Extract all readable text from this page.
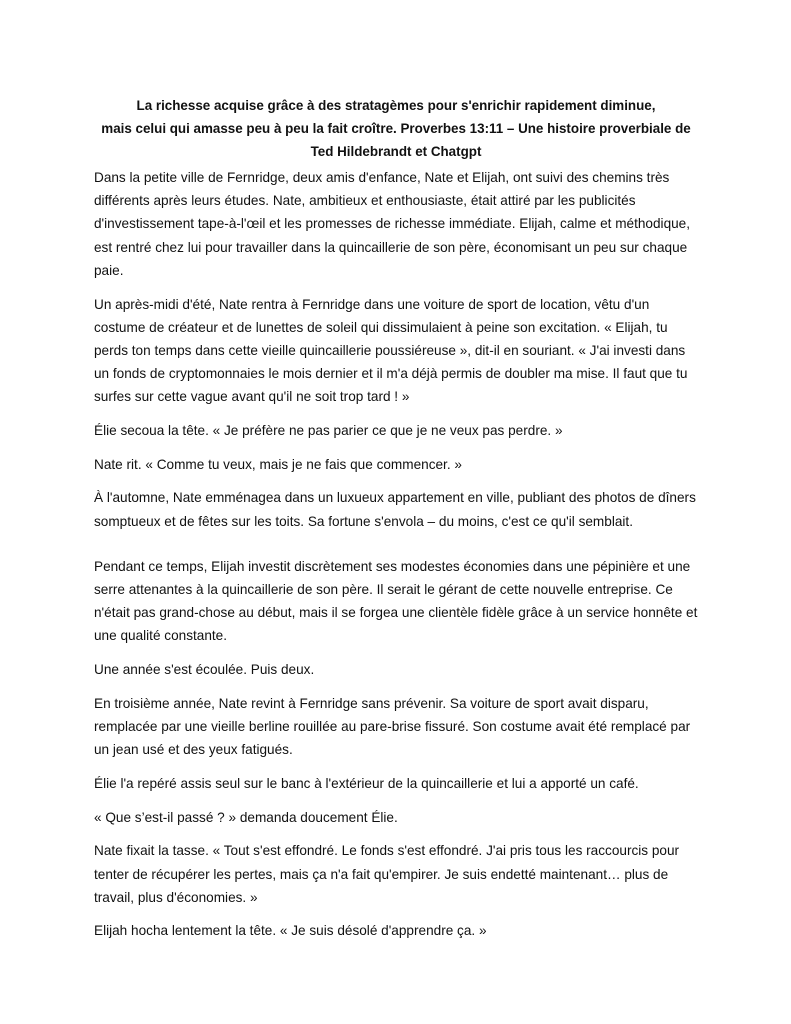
La richesse acquise grâce à des stratagèmes pour s'enrichir rapidement diminue,
mais celui qui amasse peu à peu la fait croître. Proverbes 13:11 – Une histoire proverbiale de
Ted Hildebrandt et Chatgpt

Dans la petite ville de Fernridge, deux amis d'enfance, Nate et Elijah, ont suivi des chemins très différents après leurs études. Nate, ambitieux et enthousiaste, était attiré par les publicités d'investissement tape-à-l'œil et les promesses de richesse immédiate. Elijah, calme et méthodique, est rentré chez lui pour travailler dans la quincaillerie de son père, économisant un peu sur chaque paie.

Un après-midi d'été, Nate rentra à Fernridge dans une voiture de sport de location, vêtu d'un costume de créateur et de lunettes de soleil qui dissimulaient à peine son excitation. « Elijah, tu perds ton temps dans cette vieille quincaillerie poussiéreuse », dit-il en souriant. « J'ai investi dans un fonds de cryptomonnaies le mois dernier et il m'a déjà permis de doubler ma mise. Il faut que tu surfes sur cette vague avant qu'il ne soit trop tard ! »

Élie secoua la tête. « Je préfère ne pas parier ce que je ne veux pas perdre. »

Nate rit. « Comme tu veux, mais je ne fais que commencer. »

À l'automne, Nate emménagea dans un luxueux appartement en ville, publiant des photos de dîners somptueux et de fêtes sur les toits. Sa fortune s'envola – du moins, c'est ce qu'il semblait.

Pendant ce temps, Elijah investit discrètement ses modestes économies dans une pépinière et une serre attenantes à la quincaillerie de son père. Il serait le gérant de cette nouvelle entreprise. Ce n'était pas grand-chose au début, mais il se forgea une clientèle fidèle grâce à un service honnête et une qualité constante.

Une année s'est écoulée. Puis deux.

En troisième année, Nate revint à Fernridge sans prévenir. Sa voiture de sport avait disparu, remplacée par une vieille berline rouillée au pare-brise fissuré. Son costume avait été remplacé par un jean usé et des yeux fatigués.

Élie l'a repéré assis seul sur le banc à l'extérieur de la quincaillerie et lui a apporté un café.

« Que s’est-il passé ? » demanda doucement Élie.

Nate fixait la tasse. « Tout s'est effondré. Le fonds s'est effondré. J'ai pris tous les raccourcis pour tenter de récupérer les pertes, mais ça n'a fait qu'empirer. Je suis endetté maintenant… plus de travail, plus d'économies. »

Elijah hocha lentement la tête. « Je suis désolé d'apprendre ça. »
